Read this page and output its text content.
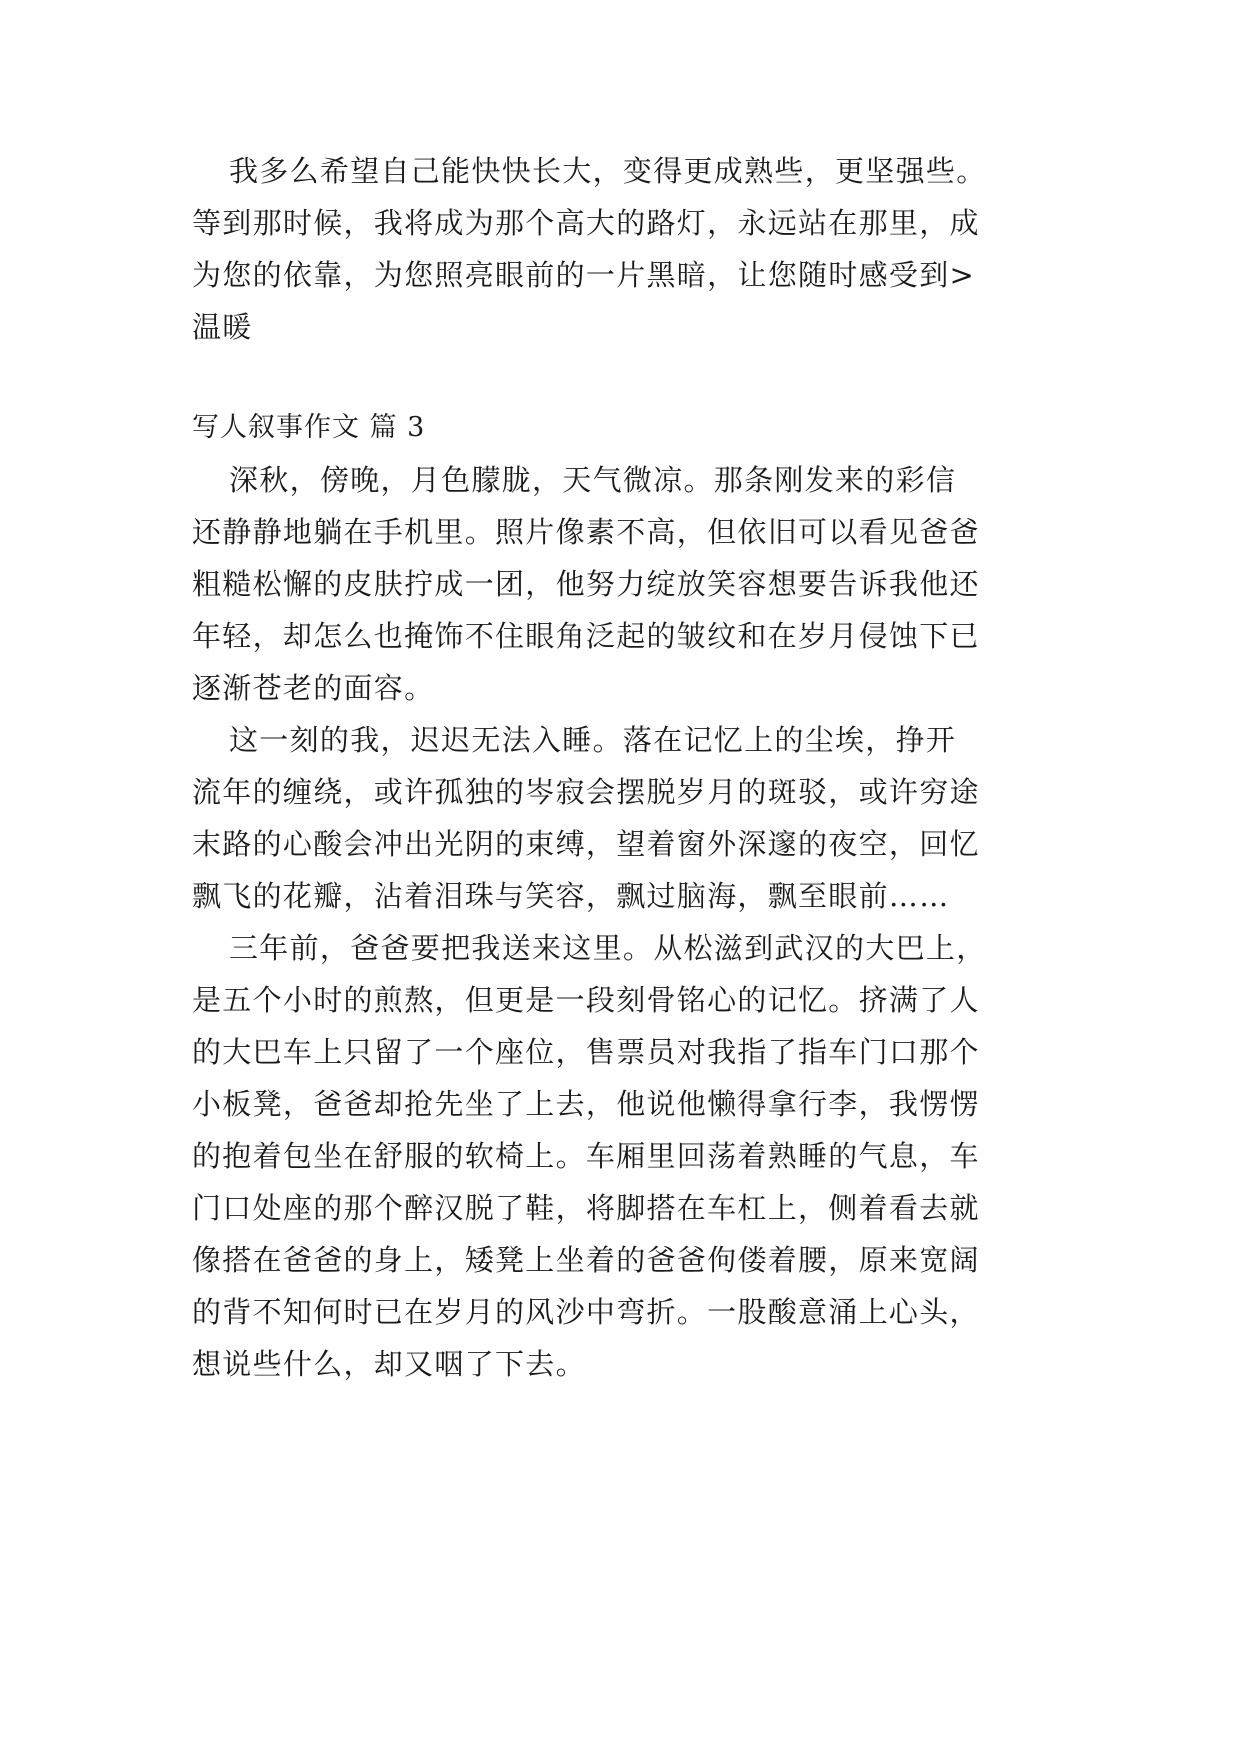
我多么希望自己能快快长大，变得更成熟些，更坚强些。
等到那时候，我将成为那个高大的路灯，永远站在那里，成
为您的依靠，为您照亮眼前的一片黑暗，让您随时感受到>
温暖
写人叙事作文 篇 3
深秋，傍晚，月色朦胧，天气微凉。那条刚发来的彩信
还静静地躺在手机里。照片像素不高，但依旧可以看见爸爸
粗糙松懈的皮肤拧成一团，他努力绽放笑容想要告诉我他还
年轻，却怎么也掩饰不住眼角泛起的皱纹和在岁月侵蚀下已
逐渐苍老的面容。
这一刻的我，迟迟无法入睡。落在记忆上的尘埃，挣开
流年的缠绕，或许孤独的岑寂会摆脱岁月的斑驳，或许穷途
末路的心酸会冲出光阴的束缚，望着窗外深邃的夜空，回忆
飘飞的花瓣，沾着泪珠与笑容，飘过脑海，飘至眼前……
三年前，爸爸要把我送来这里。从松滋到武汉的大巴上，
是五个小时的煎熬，但更是一段刻骨铭心的记忆。挤满了人
的大巴车上只留了一个座位，售票员对我指了指车门口那个
小板凳，爸爸却抢先坐了上去，他说他懒得拿行李，我愣愣
的抱着包坐在舒服的软椅上。车厢里回荡着熟睡的气息，车
门口处座的那个醉汉脱了鞋，将脚搭在车杠上，侧着看去就
像搭在爸爸的身上，矮凳上坐着的爸爸佝偻着腰，原来宽阔
的背不知何时已在岁月的风沙中弯折。一股酸意涌上心头，
想说些什么，却又咽了下去。
